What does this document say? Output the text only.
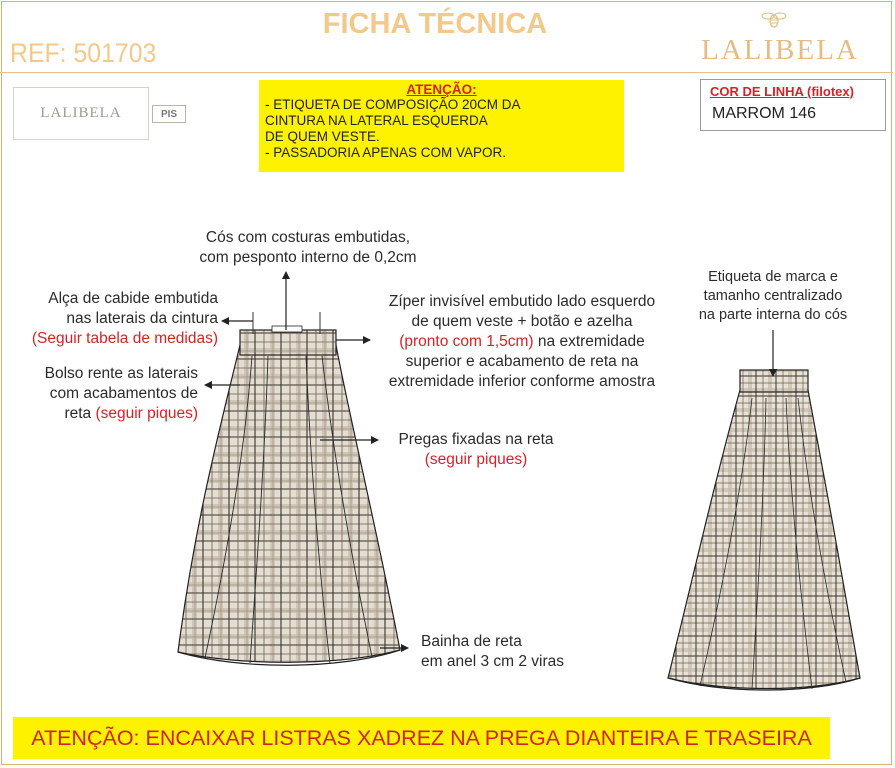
FICHA TÉCNICA
REF: 501703	LALIBELA
LALIBELA	PIS
ATENÇÃO:
- ETIQUETA DE COMPOSIÇÃO 20CM DA
CINTURA NA LATERAL ESQUERDA
DE QUEM VESTE.
- PASSADORIA APENAS COM VAPOR.
COR DE LINHA (filotex)
MARROM 146
Cós com costuras embutidas,
com pesponto interno de 0,2cm
Alça de cabide embutida
nas laterais da cintura
(Seguir tabela de medidas)
Bolso rente as laterais
com acabamentos de
reta (seguir piques)
Zíper invisível embutido lado esquerdo
de quem veste + botão e azelha
(pronto com 1,5cm) na extremidade
superior e acabamento de reta na
extremidade inferior conforme amostra
Pregas fixadas na reta
(seguir piques)
Bainha de reta
em anel 3 cm 2 viras
Etiqueta de marca e
tamanho centralizado
na parte interna do cós
ATENÇÃO: ENCAIXAR LISTRAS XADREZ NA PREGA DIANTEIRA E TRASEIRA
